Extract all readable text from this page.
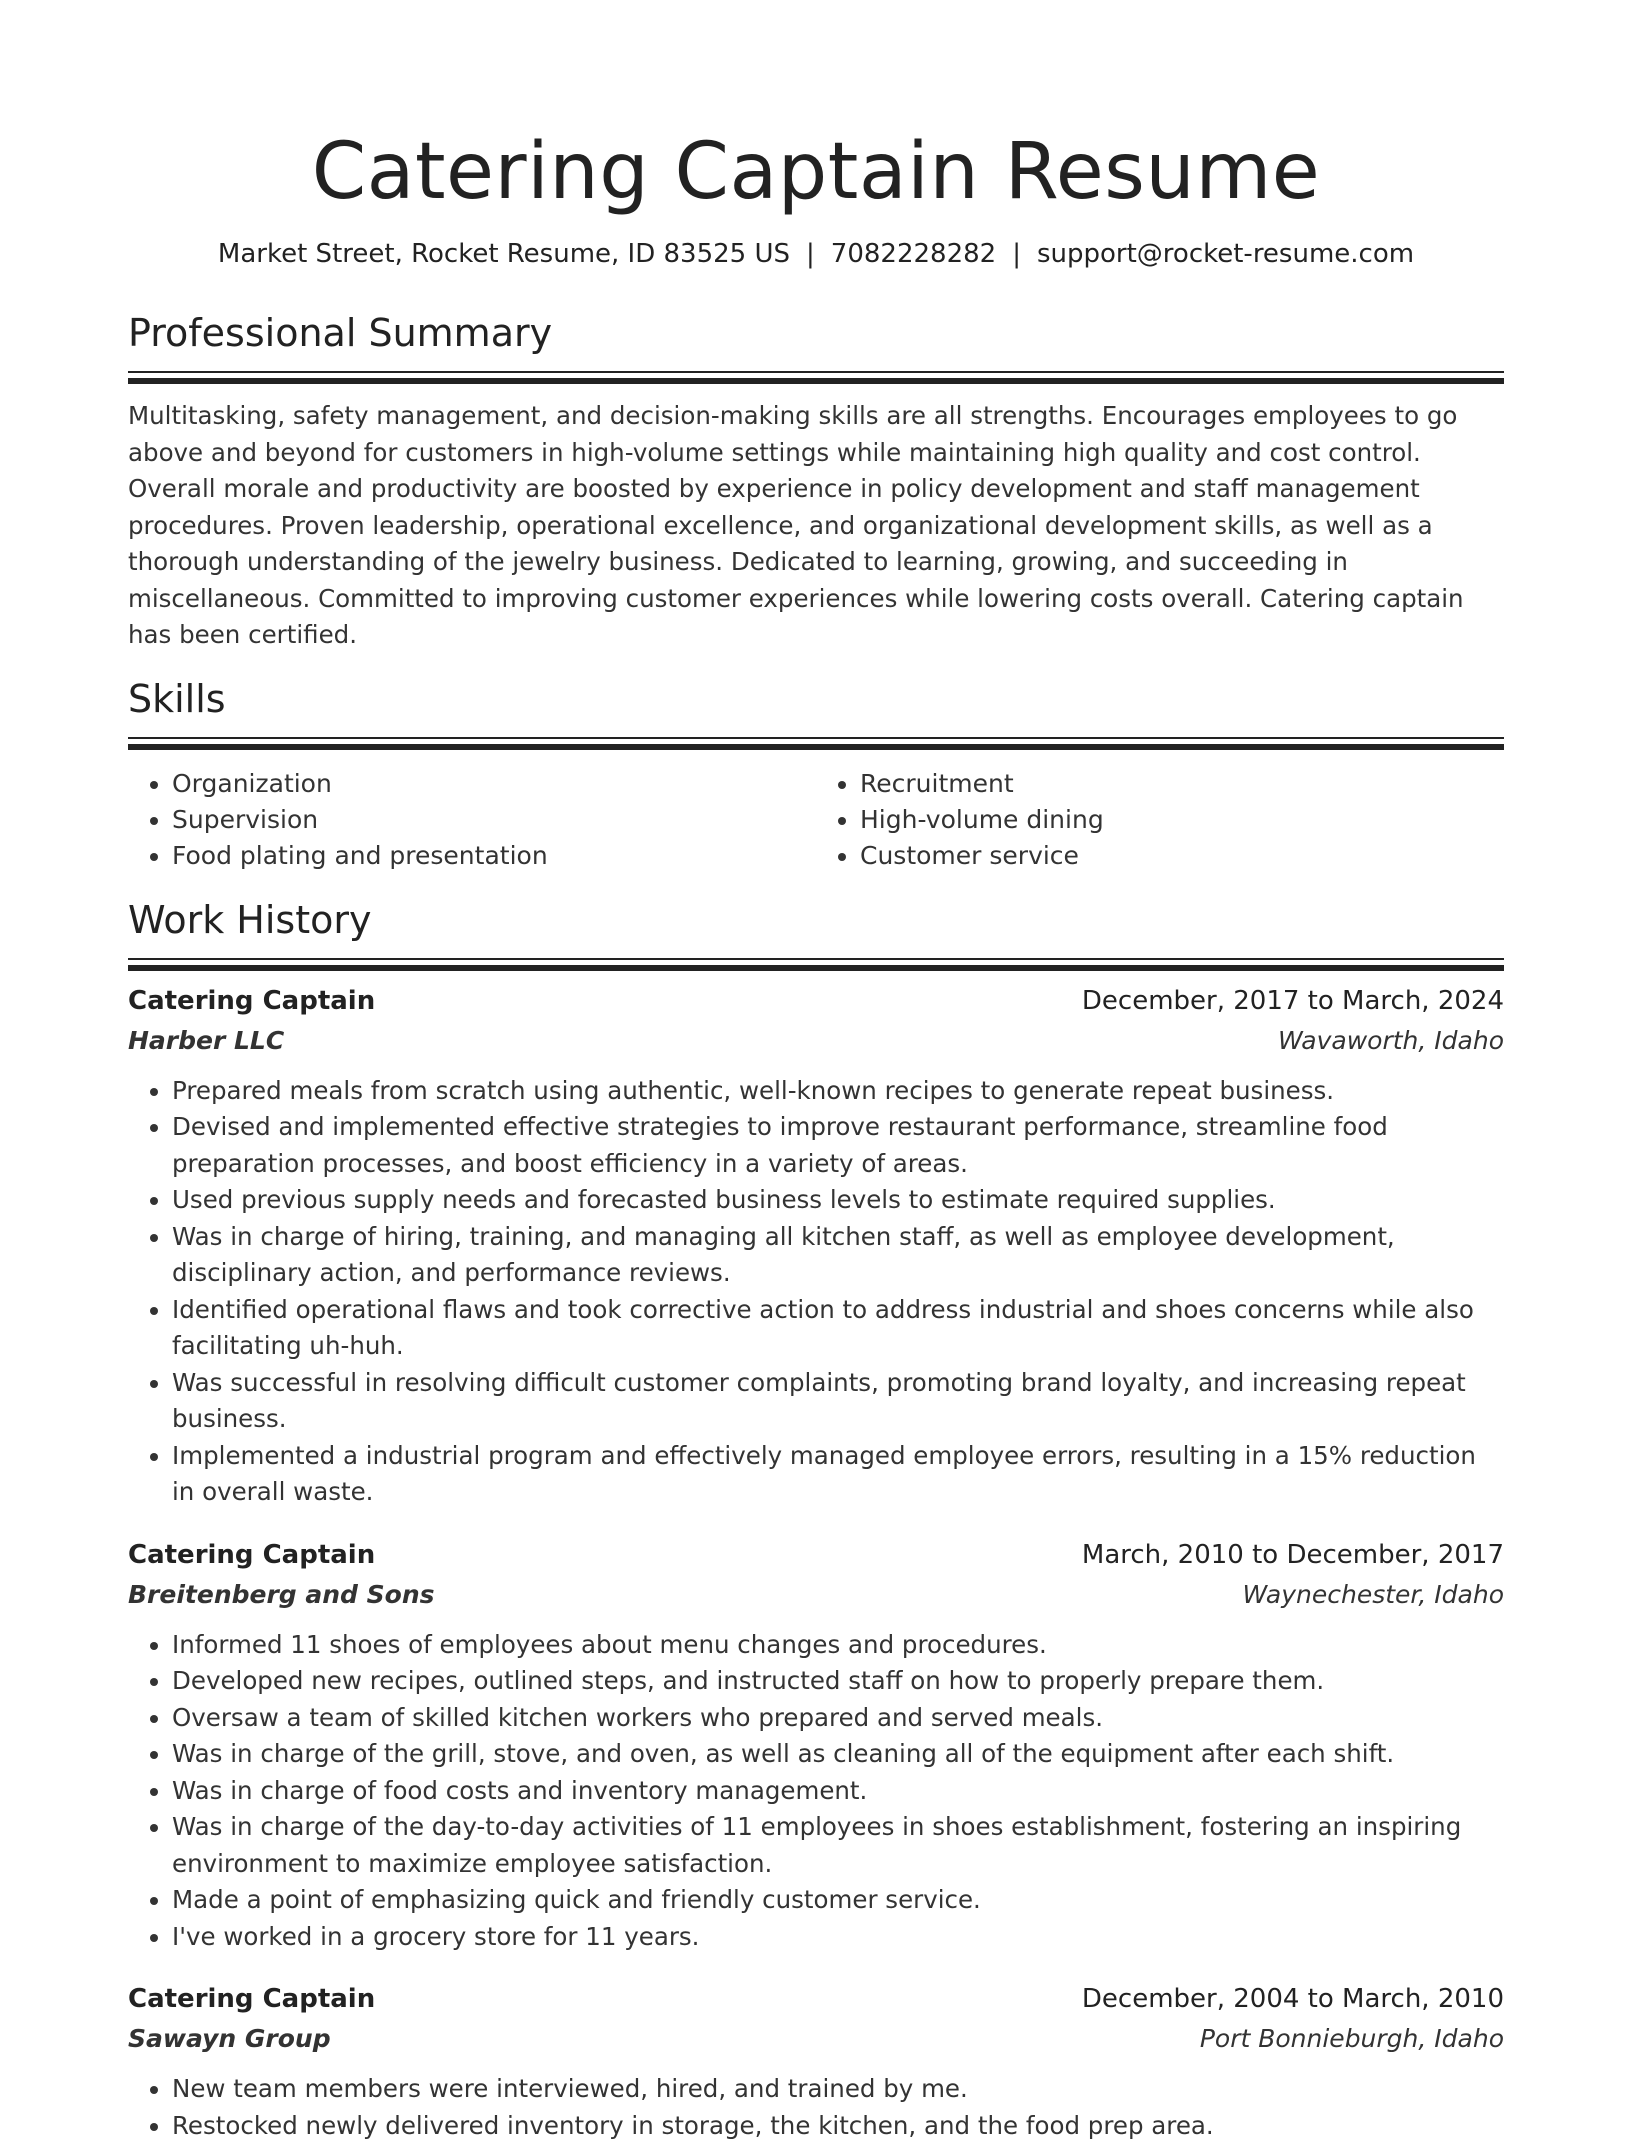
Catering Captain Resume
Market Street, Rocket Resume, ID 83525 US | 7082228282 | support@rocket-resume.com
Professional Summary

Multitasking, safety management, and decision-making skills are all strengths. Encourages employees to go above and beyond for customers in high-volume settings while maintaining high quality and cost control. Overall morale and productivity are boosted by experience in policy development and staff management procedures. Proven leadership, operational excellence, and organizational development skills, as well as a thorough understanding of the jewelry business. Dedicated to learning, growing, and succeeding in miscellaneous. Committed to improving customer experiences while lowering costs overall. Catering captain has been certified.

Skills
• Organization
• Supervision
• Food plating and presentation
• Recruitment
• High-volume dining
• Customer service
Work History
Catering Captain	December, 2017 to March, 2024
Harber LLC	Wavaworth, Idaho
• Prepared meals from scratch using authentic, well-known recipes to generate repeat business.
• Devised and implemented effective strategies to improve restaurant performance, streamline food preparation processes, and boost efficiency in a variety of areas.
• Used previous supply needs and forecasted business levels to estimate required supplies.
• Was in charge of hiring, training, and managing all kitchen staff, as well as employee development, disciplinary action, and performance reviews.
• Identified operational flaws and took corrective action to address industrial and shoes concerns while also facilitating uh-huh.
• Was successful in resolving difficult customer complaints, promoting brand loyalty, and increasing repeat business.
• Implemented a industrial program and effectively managed employee errors, resulting in a 15% reduction in overall waste.
Catering Captain	March, 2010 to December, 2017
Breitenberg and Sons	Waynechester, Idaho
• Informed 11 shoes of employees about menu changes and procedures.
• Developed new recipes, outlined steps, and instructed staff on how to properly prepare them.
• Oversaw a team of skilled kitchen workers who prepared and served meals.
• Was in charge of the grill, stove, and oven, as well as cleaning all of the equipment after each shift.
• Was in charge of food costs and inventory management.
• Was in charge of the day-to-day activities of 11 employees in shoes establishment, fostering an inspiring environment to maximize employee satisfaction.
• Made a point of emphasizing quick and friendly customer service.
• I've worked in a grocery store for 11 years.
Catering Captain	December, 2004 to March, 2010
Sawayn Group	Port Bonnieburgh, Idaho
• New team members were interviewed, hired, and trained by me.
• Restocked newly delivered inventory in storage, the kitchen, and the food prep area.
